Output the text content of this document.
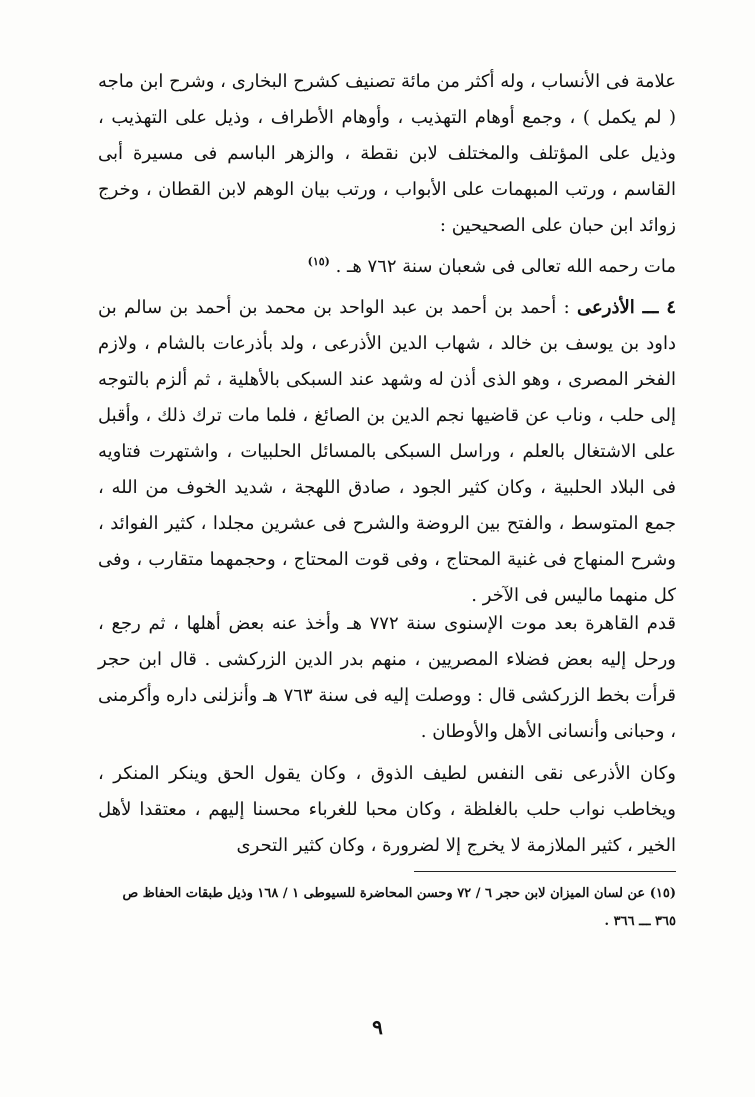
علامة فى الأنساب ، وله أكثر من مائة تصنيف كشرح البخارى ، وشرح ابن ماجه ( لم يكمل ) ، وجمع أوهام التهذيب ، وأوهام الأطراف ، وذيل على التهذيب ، وذيل على المؤتلف والمختلف لابن نقطة ، والزهر الباسم فى مسيرة أبى القاسم ، ورتب المبهمات على الأبواب ، ورتب بيان الوهم لابن القطان ، وخرج زوائد ابن حبان على الصحيحين :

مات رحمه الله تعالى فى شعبان سنة ٧٦٢ هـ . $^{(١٥)}$

٤ ـــ الأذرعى : أحمد بن أحمد بن عبد الواحد بن محمد بن أحمد بن سالم بن داود بن يوسف بن خالد ، شهاب الدين الأذرعى ، ولد بأذرعات بالشام ، ولازم الفخر المصرى ، وهو الذى أذن له وشهد عند السبكى بالأهلية ، ثم ألزم بالتوجه إلى حلب ، وناب عن قاضيها نجم الدين بن الصائغ ، فلما مات ترك ذلك ، وأقبل على الاشتغال بالعلم ، وراسل السبكى بالمسائل الحلبيات ، واشتهرت فتاويه فى البلاد الحلبية ، وكان كثير الجود ، صادق اللهجة ، شديد الخوف من الله ، جمع المتوسط ، والفتح بين الروضة والشرح فى عشرين مجلدا ، كثير الفوائد ، وشرح المنهاج فى غنية المحتاج ، وفى قوت المحتاج ، وحجمهما متقارب ، وفى كل منهما ماليس فى الآخر .

قدم القاهرة بعد موت الإسنوى سنة ٧٧٢ هـ وأخذ عنه بعض أهلها ، ثم رجع ، ورحل إليه بعض فضلاء المصريين ، منهم بدر الدين الزركشى . قال ابن حجر قرأت بخط الزركشى قال : ووصلت إليه فى سنة ٧٦٣ هـ وأنزلنى داره وأكرمنى ، وحبانى وأنسانى الأهل والأوطان .

وكان الأذرعى نقى النفس لطيف الذوق ، وكان يقول الحق وينكر المنكر ، ويخاطب نواب حلب بالغلظة ، وكان محبا للغرباء محسنا إليهم ، معتقدا لأهل الخير ، كثير الملازمة لا يخرج إلا لضرورة ، وكان كثير التحرى

(١٥) عن لسان الميزان لابن حجر ٦ / ٧٢ وحسن المحاضرة للسيوطى ١ / ١٦٨ وذيل طبقات الحفاظ ص ٣٦٥ ـــ ٣٦٦ .

٩
